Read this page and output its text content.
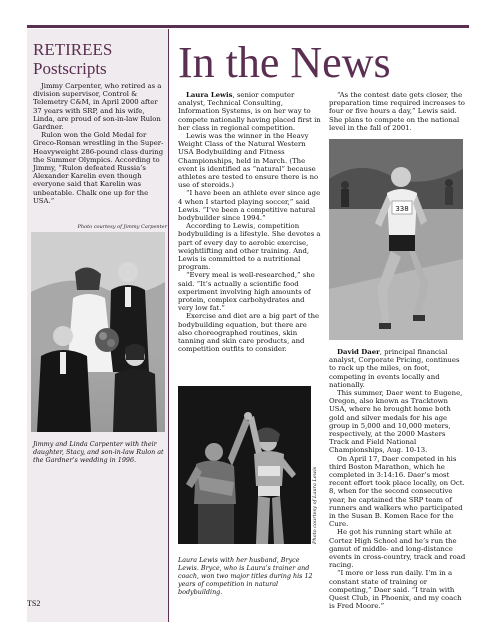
RETIREES
Postscripts

Jimmy Carpenter, who retired as a division supervisor, Control & Telemetry C&M, in April 2000 after 37 years with SRP, and his wife, Linda, are proud of son-in-law Rulon Gardner.

Rulon won the Gold Medal for Greco-Roman wrestling in the Super-Heavyweight 286-pound class during the Summer Olympics. According to Jimmy, “Rulon defeated Russia’s Alexander Karelin even though everyone said that Karelin was unbeatable. Chalk one up for the USA.”

Photo courtesy of Jimmy Carpenter
Jimmy and Linda Carpenter with their daughter, Stacy, and son-in-law Rulon at the Gardner’s wedding in 1996.
In the News

Laura Lewis, senior computer analyst, Technical Consulting, Information Systems, is on her way to compete nationally having placed first in her class in regional competition.

Lewis was the winner in the Heavy Weight Class of the Natural Western USA Bodybuilding and Fitness Championships, held in March. (The event is identified as “natural” because athletes are tested to ensure there is no use of steroids.)

“I have been an athlete ever since age 4 when I started playing soccer,” said Lewis. “I’ve been a competitive natural bodybuilder since 1994.”

According to Lewis, competition bodybuilding is a lifestyle. She devotes a part of every day to aerobic exercise, weightlifting and other training. And, Lewis is committed to a nutritional program.

“Every meal is well-researched,” she said. “It’s actually a scientific food experiment involving high amounts of protein, complex carbohydrates and very low fat.”

Exercise and diet are a big part of the bodybuilding equation, but there are also choreographed routines, skin tanning and skin care products, and competition outfits to consider.

Photo courtesy of Laura Lewis
Laura Lewis with her husband, Bryce Lewis. Bryce, who is Laura’s trainer and coach, won two major titles during his 12 years of competition in natural bodybuilding.

“As the contest date gets closer, the preparation time required increases to four or five hours a day,” Lewis said. She plans to compete on the national level in the fall of 2001.

338

David Daer, principal financial analyst, Corporate Pricing, continues to rack up the miles, on foot, competing in events locally and nationally.

This summer, Daer went to Eugene, Oregon, also known as Tracktown USA, where he brought home both gold and silver medals for his age group in 5,000 and 10,000 meters, respectively, at the 2000 Masters Track and Field National Championships, Aug. 10-13.

On April 17, Daer competed in his third Boston Marathon, which he completed in 3:14:16. Daer’s most recent effort took place locally, on Oct. 8, when for the second consecutive year, he captained the SRP team of runners and walkers who participated in the Susan B. Komen Race for the Cure.

He got his running start while at Cortez High School and he’s run the gamut of middle- and long-distance events in cross-country, track and road racing.

“I more or less run daily. I’m in a constant state of training or competing,” Daer said. “I train with Quest Club, in Phoenix, and my coach is Fred Moore.”

TS2
